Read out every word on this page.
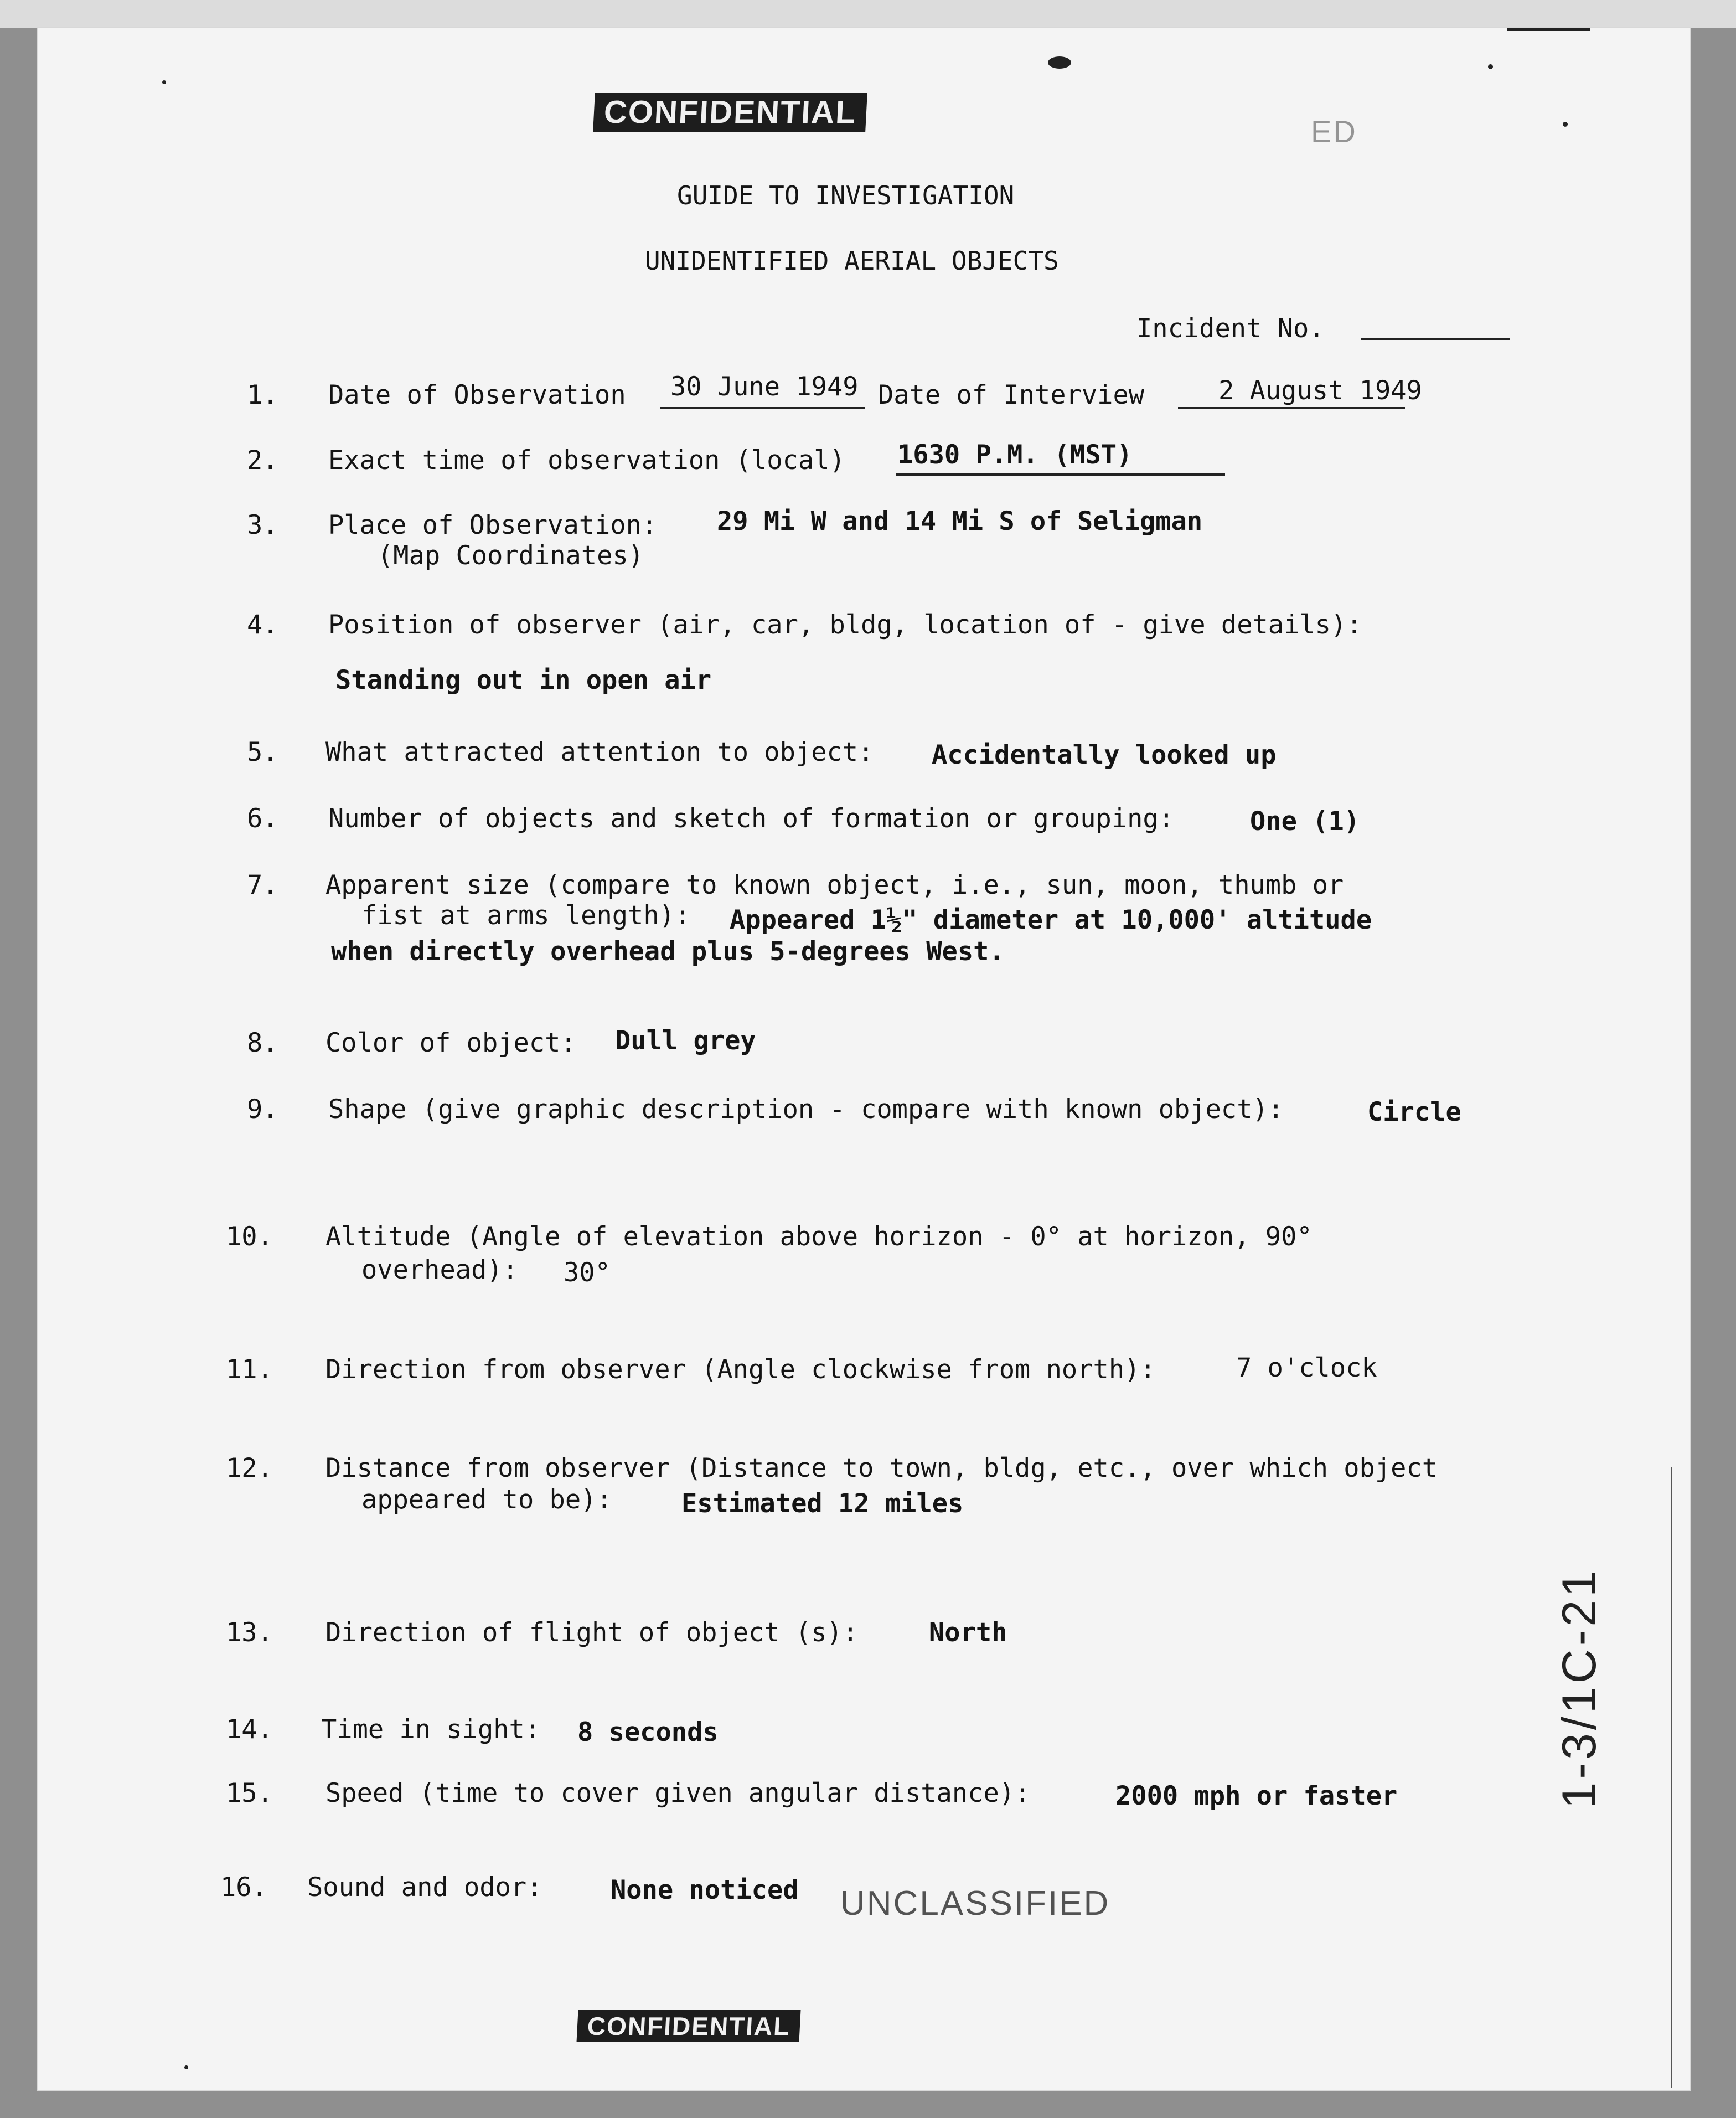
CONFIDENTIAL
ED
GUIDE TO INVESTIGATION
UNIDENTIFIED AERIAL OBJECTS
Incident No.
1. Date of Observation 30 June 1949 Date of Interview	2 August 1949
2. Exact time of observation (local) 1630 P.M. (MST)
3. Place of Observation:
(Map Coordinates)
29 Mi W and 14 Mi S of Seligman
4. Position of observer (air, car, bldg, location of - give details):
Standing out in open air
5. What attracted attention to object: Accidentally looked up
6. Number of objects and sketch of formation or grouping:	One (1)
7. Apparent size (compare to known object, i.e., sun, moon, thumb or
fist at arms length): Appeared 1½" diameter at 10,000' altitude
when directly overhead plus 5-degrees West.
8. Color of object: Dull grey
9. Shape (give graphic description - compare with known object):	Circle
10. Altitude (Angle of elevation above horizon - 0° at horizon, 90°
overhead): 30°
11. Direction from observer (Angle clockwise from north):	7 o'clock
12. Distance from observer (Distance to town, bldg, etc., over which object
appeared to be):	Estimated 12 miles
13. Direction of flight of object (s):	North
14. Time in sight: 8 seconds
15. Speed (time to cover given angular distance):	2000 mph or faster
16. Sound and odor:	None noticed UNCLASSIFIED
CONFIDENTIAL
1-3/1C-21
